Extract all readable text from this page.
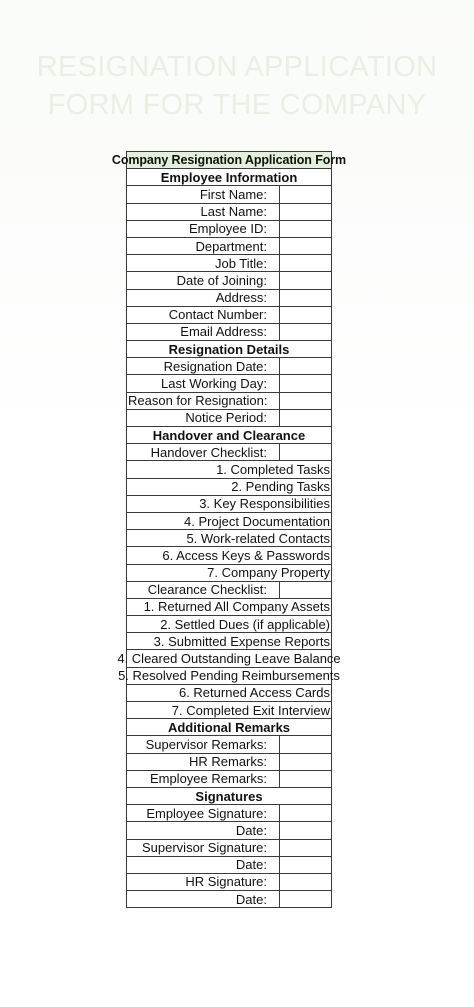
RESIGNATION APPLICATION
FORM FOR THE COMPANY
Company Resignation Application Form	

Employee Information	
First Name:	
Last Name:	
Employee ID:	
Department:	
Job Title:	
Date of Joining:	
Address:	
Contact Number:	
Email Address:	
Resignation Details	
Resignation Date:	
Last Working Day:	
Reason for Resignation:	
Notice Period:	
Handover and Clearance	
Handover Checklist:	

1. Completed Tasks	

2. Pending Tasks	

3. Key Responsibilities	

4. Project Documentation	

5. Work-related Contacts	

6. Access Keys & Passwords	

7. Company Property	

Clearance Checklist:	

1. Returned All Company Assets	

2. Settled Dues (if applicable)	

3. Submitted Expense Reports	

4. Cleared Outstanding Leave Balance	

5. Resolved Pending Reimbursements	

6. Returned Access Cards	

7. Completed Exit Interview	

Additional Remarks	
Supervisor Remarks:	
HR Remarks:	
Employee Remarks:	
Signatures	
Employee Signature:	
Date:	
Supervisor Signature:	
Date:	
HR Signature:	
Date:	
